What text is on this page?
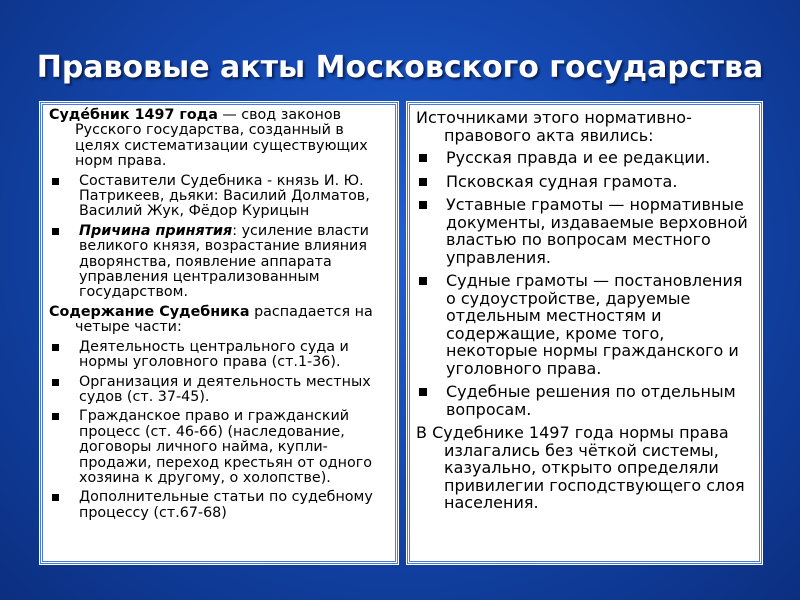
Правовые акты Московского государства

Судéбник 1497 года — свод законов Русского государства, созданный в целях систематизации существующих норм права.

Составители Судебника - князь И. Ю. Патрикеев, дьяки: Василий Долматов, Василий Жук, Фёдор Курицын
Причина принятия: усиление власти великого князя, возрастание влияния дворянства, появление аппарата управления централизованным государством.

Содержание Судебника распадается на четыре части:

Деятельность центрального суда и нормы уголовного права (ст.1-36).
Организация и деятельность местных судов (ст. 37-45).
Гражданское право и гражданский процесс (ст. 46-66) (наследование, договоры личного найма, купли-продажи, переход крестьян от одного хозяина к другому, о холопстве).
Дополнительные статьи по судебному процессу (ст.67-68)

Источниками этого нормативно-правового акта явились:

Русская правда и ее редакции.
Псковская судная грамота.
Уставные грамоты — нормативные документы, издаваемые верховной властью по вопросам местного управления.
Судные грамоты — постановления о судоустройстве, даруемые отдельным местностям и содержащие, кроме того, некоторые нормы гражданского и уголовного права.
Судебные решения по отдельным вопросам.

В Судебнике 1497 года нормы права излагались без чёткой системы, казуально, открыто определяли привилегии господствующего слоя населения.
